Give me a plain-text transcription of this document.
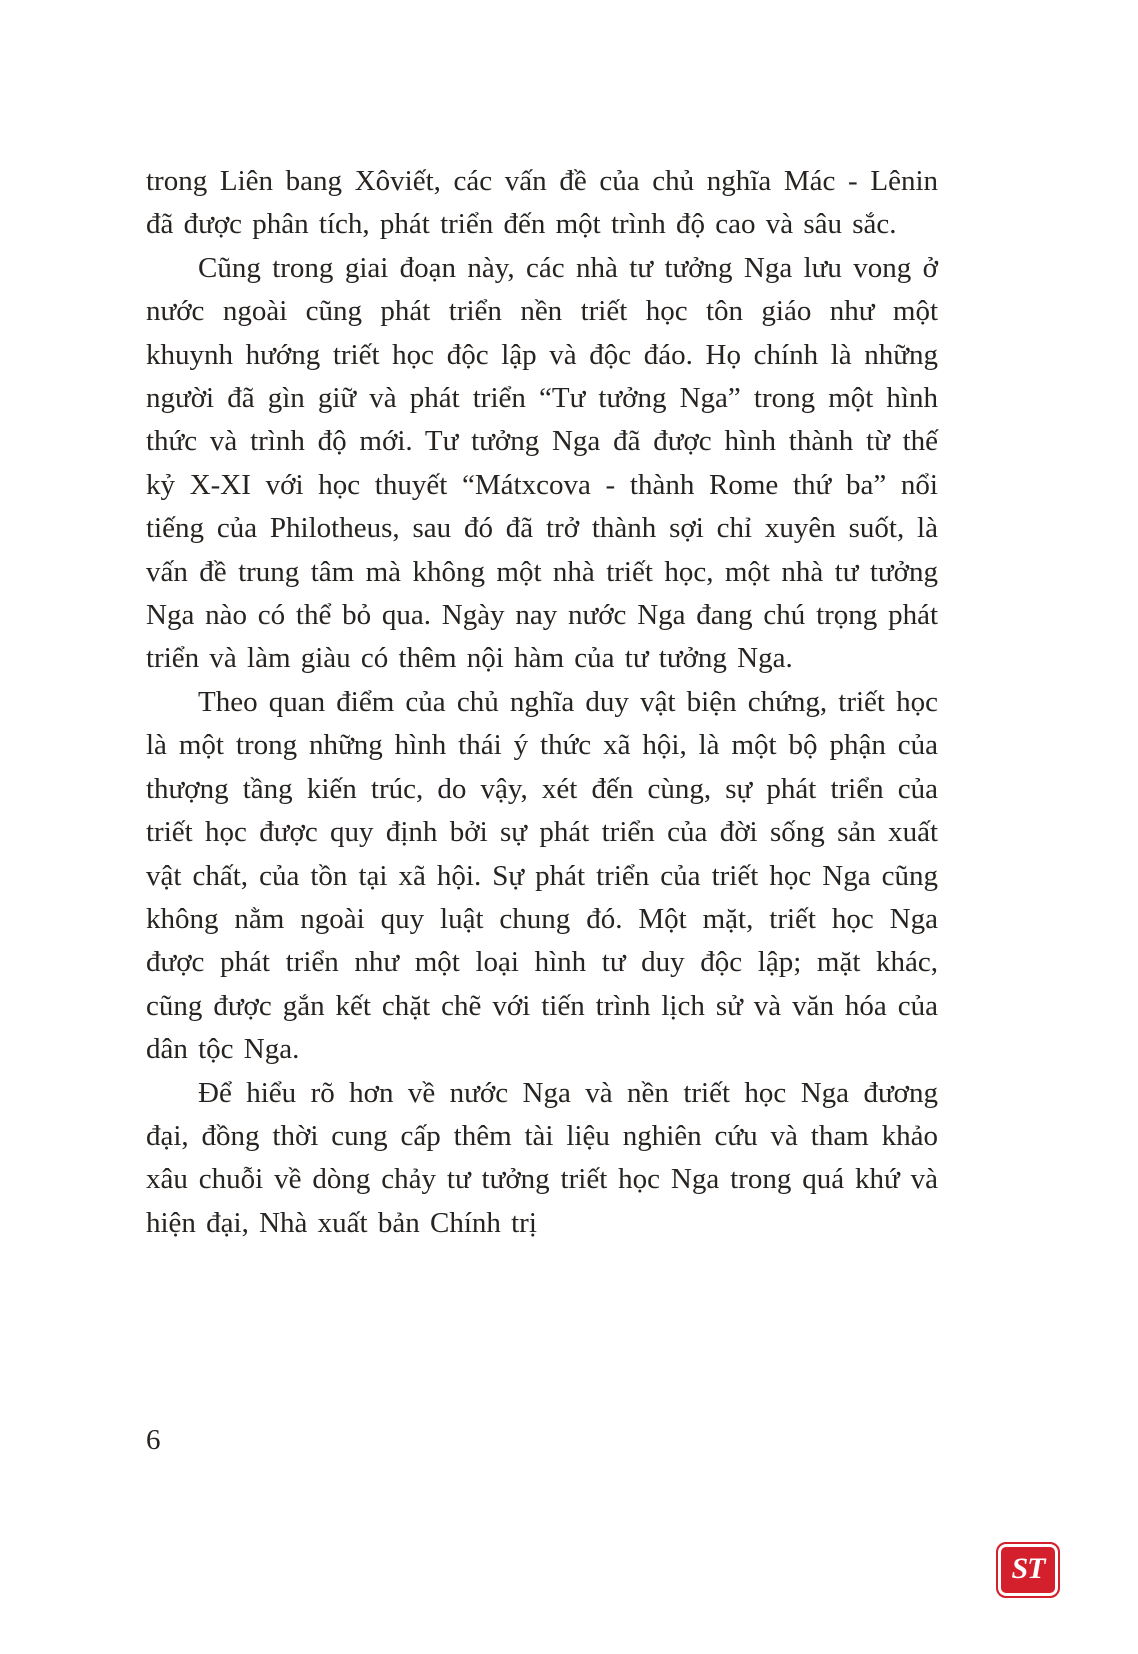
trong Liên bang Xôviết, các vấn đề của chủ nghĩa Mác - Lênin đã được phân tích, phát triển đến một trình độ cao và sâu sắc.

Cũng trong giai đoạn này, các nhà tư tưởng Nga lưu vong ở nước ngoài cũng phát triển nền triết học tôn giáo như một khuynh hướng triết học độc lập và độc đáo. Họ chính là những người đã gìn giữ và phát triển “Tư tưởng Nga” trong một hình thức và trình độ mới. Tư tưởng Nga đã được hình thành từ thế kỷ X-XI với học thuyết “Mátxcova - thành Rome thứ ba” nổi tiếng của Philotheus, sau đó đã trở thành sợi chỉ xuyên suốt, là vấn đề trung tâm mà không một nhà triết học, một nhà tư tưởng Nga nào có thể bỏ qua. Ngày nay nước Nga đang chú trọng phát triển và làm giàu có thêm nội hàm của tư tưởng Nga.

Theo quan điểm của chủ nghĩa duy vật biện chứng, triết học là một trong những hình thái ý thức xã hội, là một bộ phận của thượng tầng kiến trúc, do vậy, xét đến cùng, sự phát triển của triết học được quy định bởi sự phát triển của đời sống sản xuất vật chất, của tồn tại xã hội. Sự phát triển của triết học Nga cũng không nằm ngoài quy luật chung đó. Một mặt, triết học Nga được phát triển như một loại hình tư duy độc lập; mặt khác, cũng được gắn kết chặt chẽ với tiến trình lịch sử và văn hóa của dân tộc Nga.

Để hiểu rõ hơn về nước Nga và nền triết học Nga đương đại, đồng thời cung cấp thêm tài liệu nghiên cứu và tham khảo xâu chuỗi về dòng chảy tư tưởng triết học Nga trong quá khứ và hiện đại, Nhà xuất bản Chính trị

6
ST
